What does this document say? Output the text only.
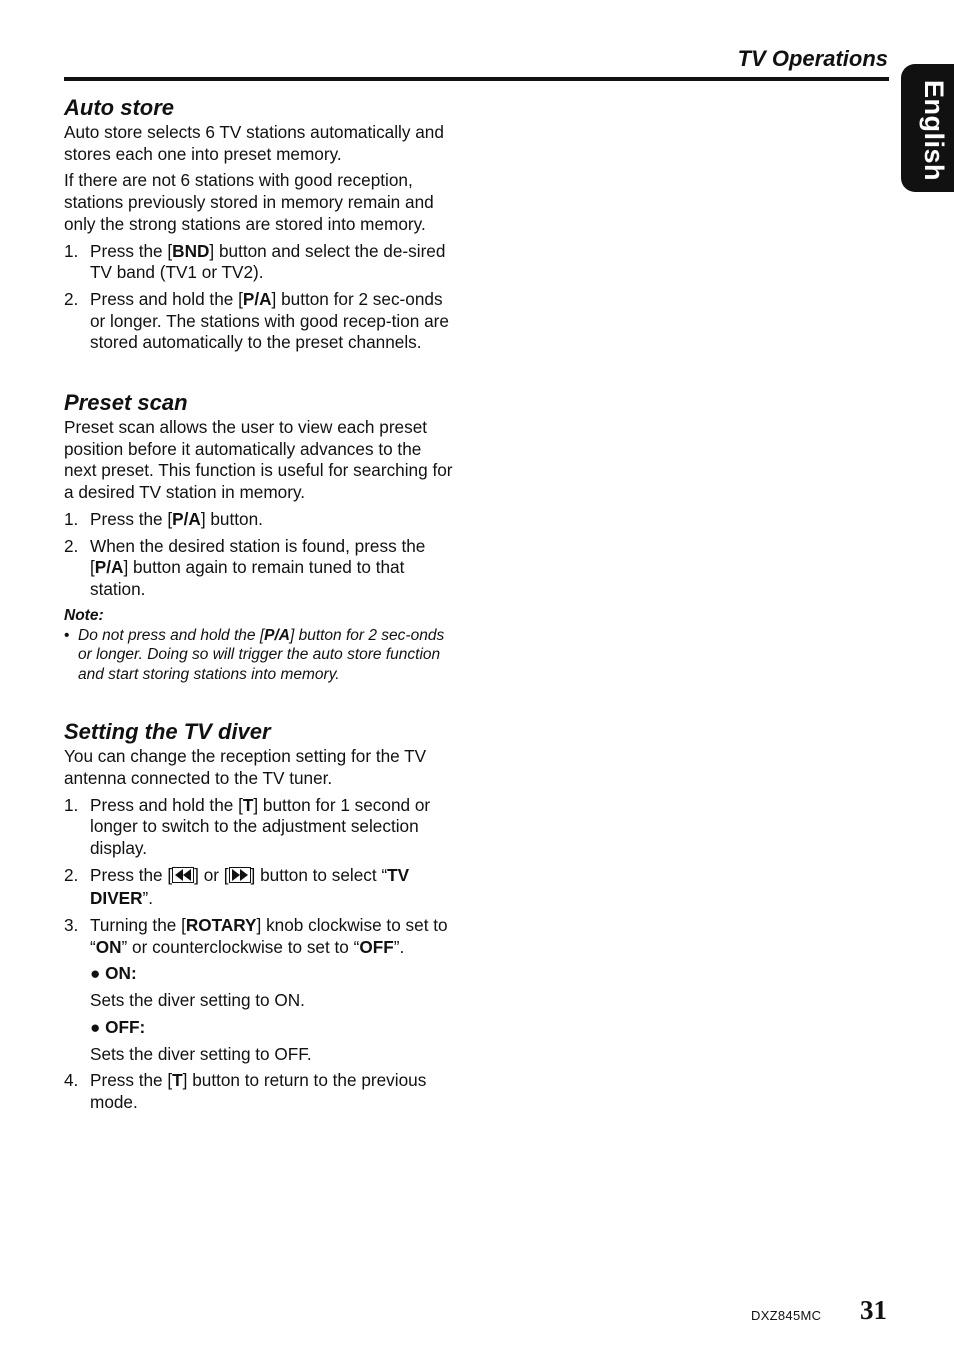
TV Operations
English
Auto store

Auto store selects 6 TV stations automatically and stores each one into preset memory.

If there are not 6 stations with good reception, stations previously stored in memory remain and only the strong stations are stored into memory.

1. Press the [BND] button and select the de-sired TV band (TV1 or TV2).
2. Press and hold the [P/A] button for 2 sec-onds or longer. The stations with good recep-tion are stored automatically to the preset channels.
Preset scan

Preset scan allows the user to view each preset position before it automatically advances to the next preset. This function is useful for searching for a desired TV station in memory.

1. Press the [P/A] button.
2. When the desired station is found, press the [P/A] button again to remain tuned to that station.
Note:
• Do not press and hold the [P/A] button for 2 sec-onds or longer. Doing so will trigger the auto store function and start storing stations into memory.
Setting the TV diver

You can change the reception setting for the TV antenna connected to the TV tuner.

1. Press and hold the [T] button for 1 second or longer to switch to the adjustment selection display.
2. Press the [ ] or [ ] button to select “TV DIVER”.
3. Turning the [ROTARY] knob clockwise to set to “ON” or counterclockwise to set to “OFF”.
● ON:
Sets the diver setting to ON.
● OFF:
Sets the diver setting to OFF.
4. Press the [T] button to return to the previous mode.
DXZ845MC 31
